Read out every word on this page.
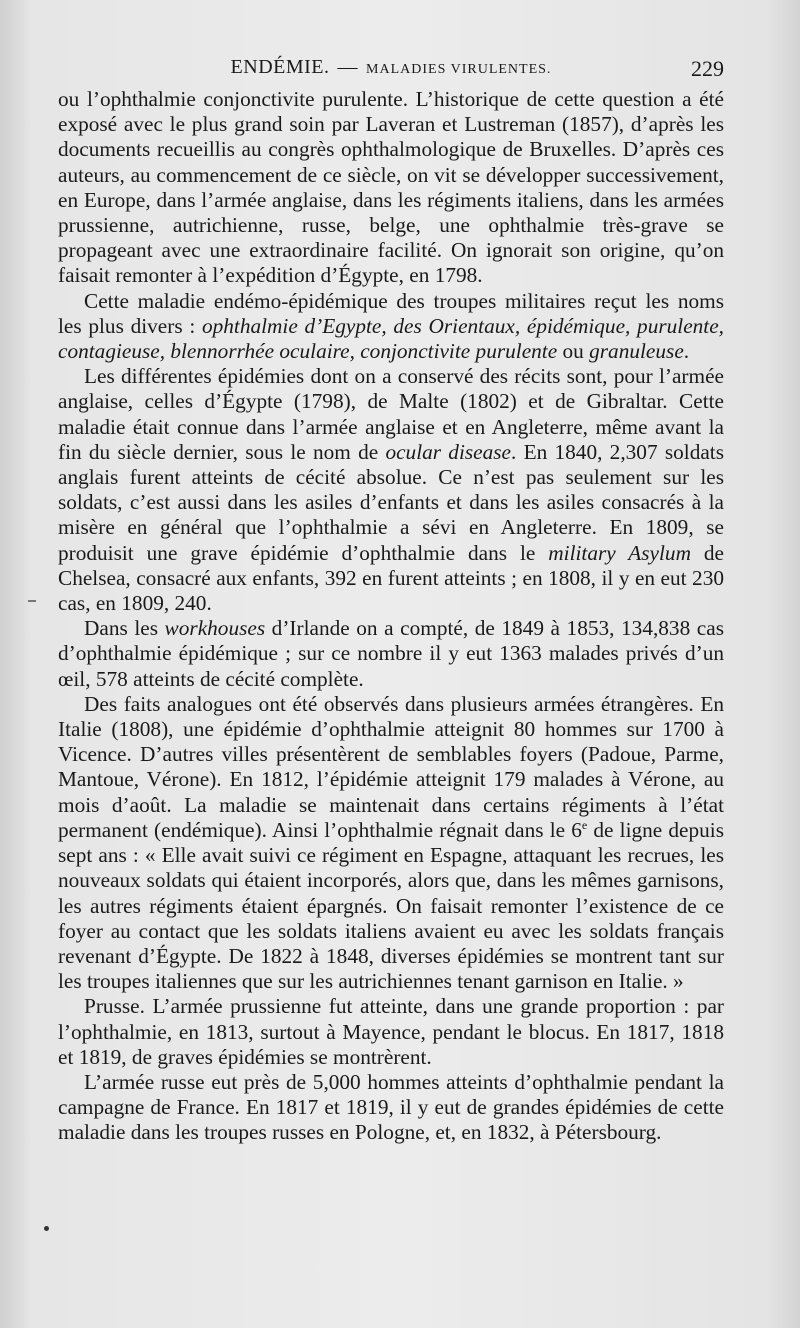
ENDÉMIE. — MALADIES VIRULENTES.	229

ou l’ophthalmie conjonctivite purulente. L’historique de cette question a été exposé avec le plus grand soin par Laveran et Lustreman (1857), d’après les documents recueillis au congrès ophthalmologique de Bruxelles. D’après ces auteurs, au commencement de ce siècle, on vit se développer successivement, en Europe, dans l’armée anglaise, dans les régiments italiens, dans les armées prussienne, autrichienne, russe, belge, une ophthalmie très-grave se propageant avec une extraordinaire facilité. On ignorait son origine, qu’on faisait remonter à l’expédition d’Égypte, en 1798.

Cette maladie endémo-épidémique des troupes militaires reçut les noms les plus divers : ophthalmie d’Egypte, des Orientaux, épidémique, purulente, contagieuse, blennorrhée oculaire, conjonctivite purulente ou granuleuse.

Les différentes épidémies dont on a conservé des récits sont, pour l’armée anglaise, celles d’Égypte (1798), de Malte (1802) et de Gibraltar. Cette maladie était connue dans l’armée anglaise et en Angleterre, même avant la fin du siècle dernier, sous le nom de ocular disease. En 1840, 2,307 soldats anglais furent atteints de cécité absolue. Ce n’est pas seulement sur les soldats, c’est aussi dans les asiles d’enfants et dans les asiles consacrés à la misère en général que l’ophthalmie a sévi en Angleterre. En 1809, se produisit une grave épidémie d’ophthalmie dans le military Asylum de Chelsea, consacré aux enfants, 392 en furent atteints ; en 1808, il y en eut 230 cas, en 1809, 240.

Dans les workhouses d’Irlande on a compté, de 1849 à 1853, 134,838 cas d’ophthalmie épidémique ; sur ce nombre il y eut 1363 malades privés d’un œil, 578 atteints de cécité complète.

Des faits analogues ont été observés dans plusieurs armées étrangères. En Italie (1808), une épidémie d’ophthalmie atteignit 80 hommes sur 1700 à Vicence. D’autres villes présentèrent de semblables foyers (Padoue, Parme, Mantoue, Vérone). En 1812, l’épidémie atteignit 179 malades à Vérone, au mois d’août. La maladie se maintenait dans certains régiments à l’état permanent (endémique). Ainsi l’ophthalmie régnait dans le 6e de ligne depuis sept ans : « Elle avait suivi ce régiment en Espagne, attaquant les recrues, les nouveaux soldats qui étaient incorporés, alors que, dans les mêmes garnisons, les autres régiments étaient épargnés. On faisait remonter l’existence de ce foyer au contact que les soldats italiens avaient eu avec les soldats français revenant d’Égypte. De 1822 à 1848, diverses épidémies se montrent tant sur les troupes italiennes que sur les autrichiennes tenant garnison en Italie. »

Prusse. L’armée prussienne fut atteinte, dans une grande proportion : par l’ophthalmie, en 1813, surtout à Mayence, pendant le blocus. En 1817, 1818 et 1819, de graves épidémies se montrèrent.

L’armée russe eut près de 5,000 hommes atteints d’ophthalmie pendant la campagne de France. En 1817 et 1819, il y eut de grandes épidémies de cette maladie dans les troupes russes en Pologne, et, en 1832, à Pétersbourg.
